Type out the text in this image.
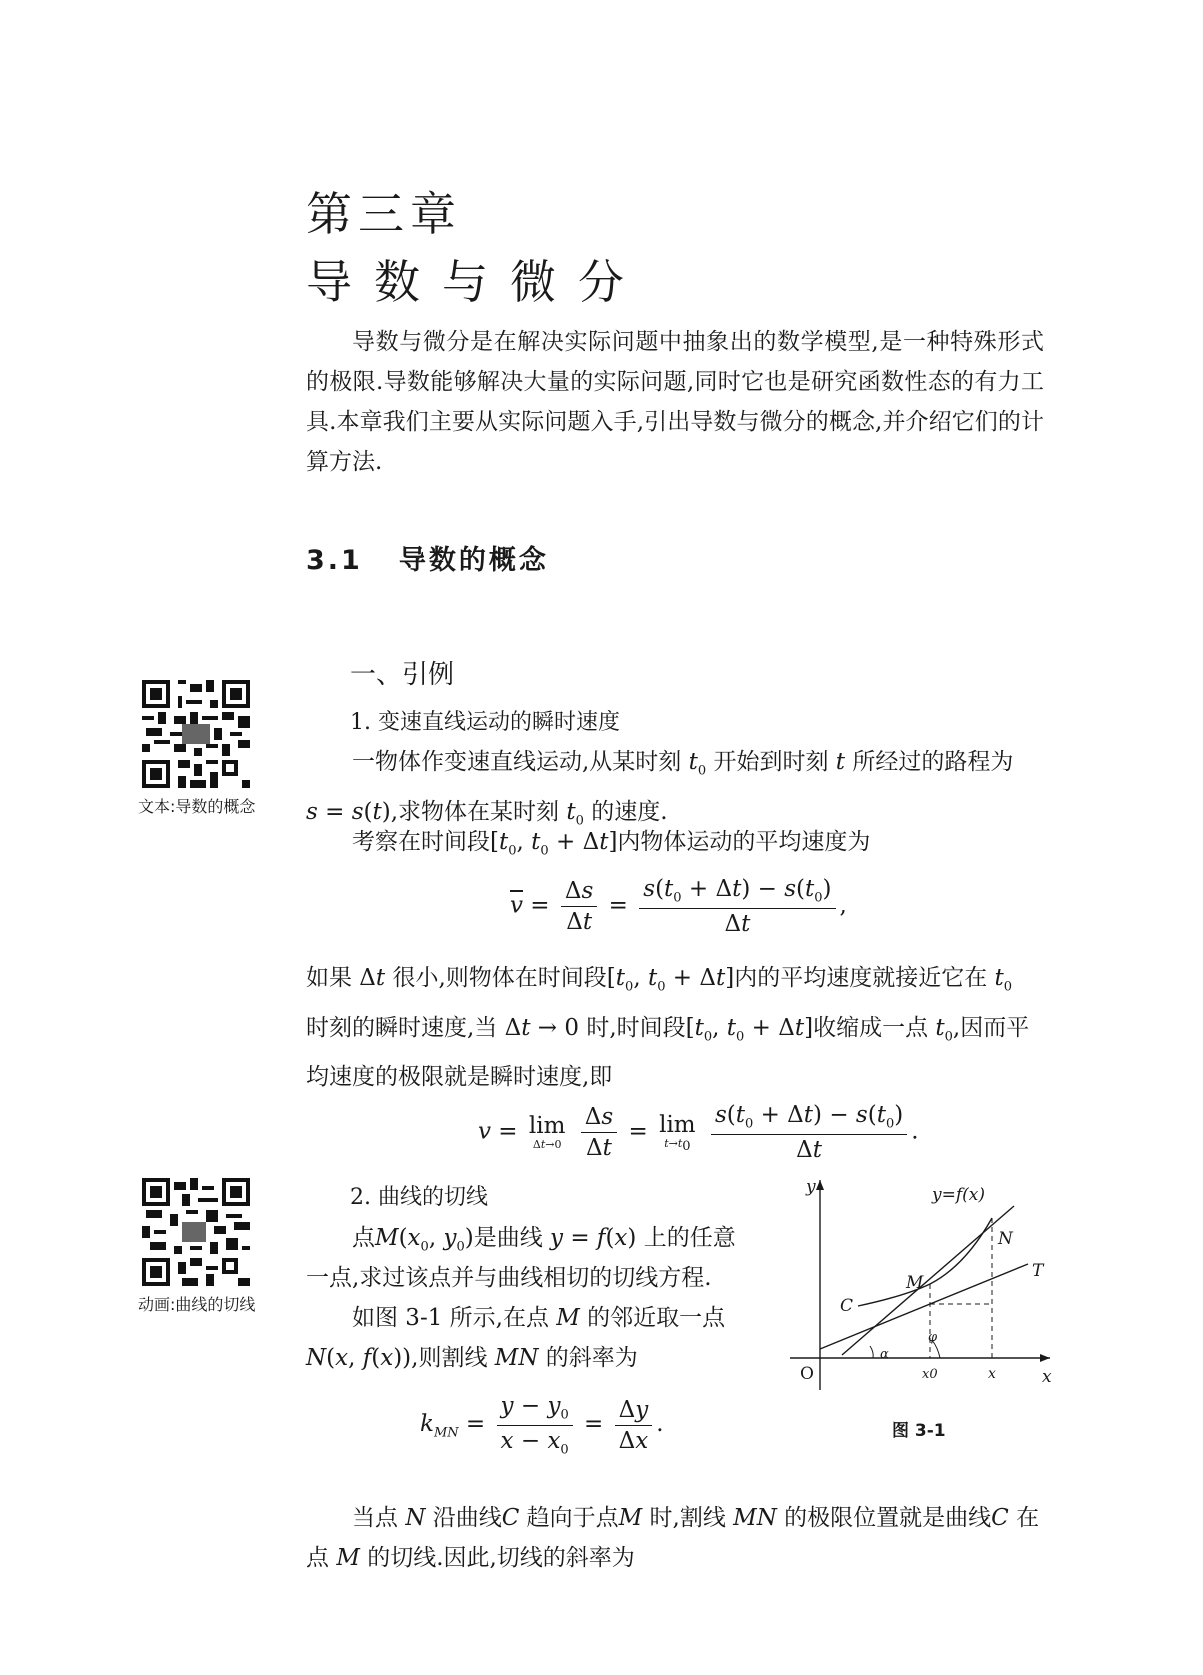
第三章
导数与微分
导数与微分是在解决实际问题中抽象出的数学模型,是一种特殊形式的极限.导数能够解决大量的实际问题,同时它也是研究函数性态的有力工具.本章我们主要从实际问题入手,引出导数与微分的概念,并介绍它们的计算方法.
3.1 导数的概念
一、引例
文本:导数的概念
1. 变速直线运动的瞬时速度
一物体作变速直线运动,从某时刻 $t_0$ 开始到时刻 t 所经过的路程为
s = s(t),求物体在某时刻 $t_0$ 的速度.
考察在时间段[$t_0$, $t_0 + \Delta t$]内物体运动的平均速度为
$\overline{v} = \frac{\Delta s}{\Delta t} = \frac{s(t_0 + \Delta t) - s(t_0)}{\Delta t}$ ,
如果 Δt 很小,则物体在时间段[$t_0$, $t_0 + \Delta t$]内的平均速度就接近它在 $t_0$
时刻的瞬时速度,当 Δt → 0 时,时间段[$t_0$, $t_0 + \Delta t$]收缩成一点 $t_0$,因而平
均速度的极限就是瞬时速度,即
v = lim
Δt→0
$\frac{\Delta s}{\Delta t} = \lim$
$t\to t_0$
$\frac{s(t_0 + \Delta t) - s(t_0)}{\Delta t}$ .
动画:曲线的切线
2. 曲线的切线
点$M(x_0$, $y_0$)是曲线 y = f(x) 上的任意
一点,求过该点并与曲线相切的切线方程.
如图 3-1 所示,在点 M 的邻近取一点
N(x, f(x)),则割线 MN 的斜率为
$k_{MN} = \frac{y - y_0}{x - x_0} = \frac{\Delta y}{\Delta x}$ .
y
x
O
y=f(x)
N
M
T
C
α
φ
x0	x
图 3-1
当点 N 沿曲线C 趋向于点M 时,割线 MN 的极限位置就是曲线C 在
点 M 的切线.因此,切线的斜率为
